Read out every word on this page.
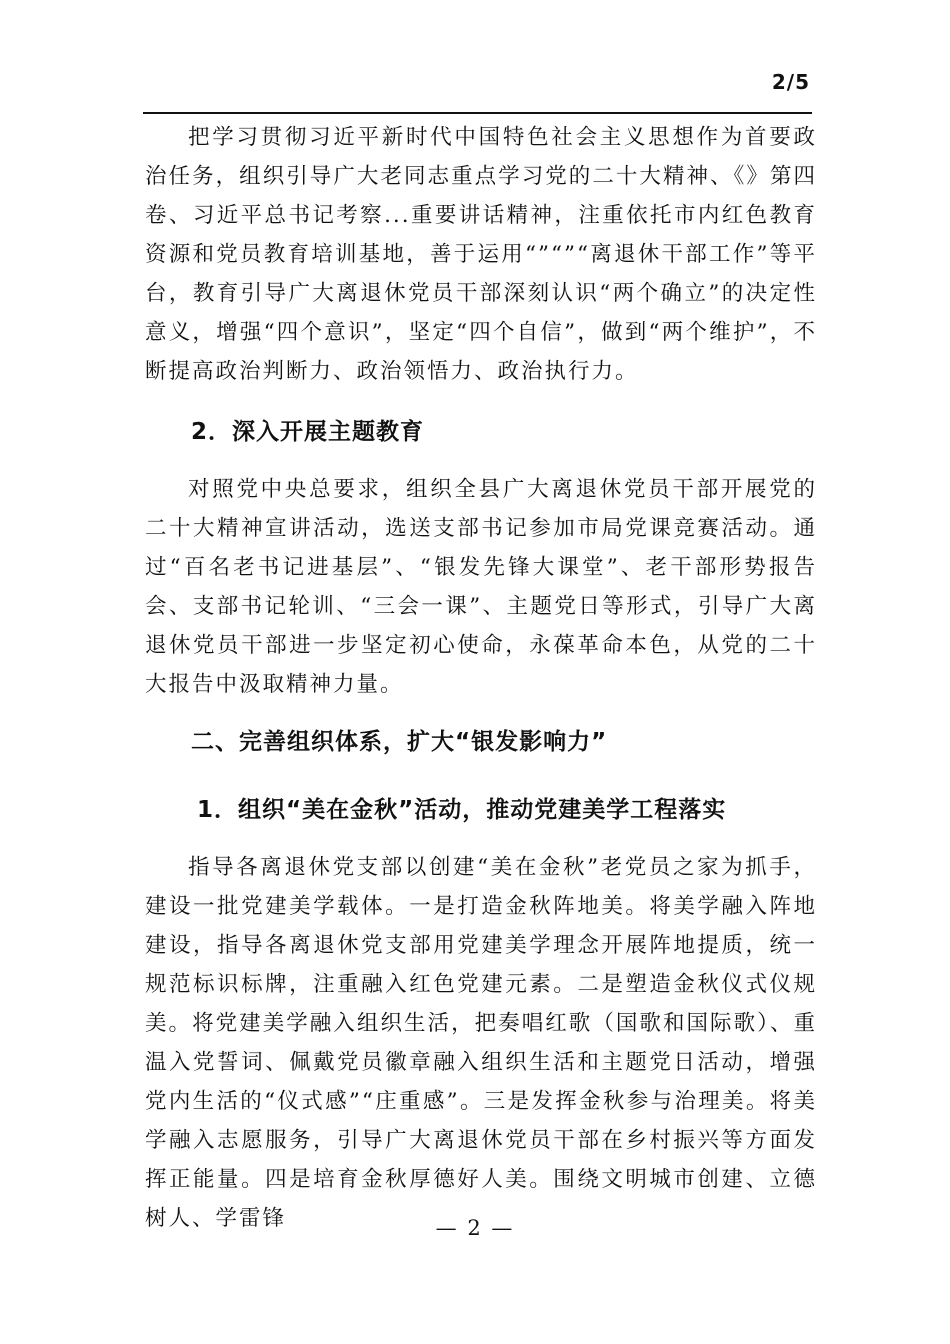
2/5

把学习贯彻习近平新时代中国特色社会主义思想作为首要政治任务，组织引导广大老同志重点学习党的二十大精神、《》第四卷、习近平总书记考察...重要讲话精神，注重依托市内红色教育资源和党员教育培训基地，善于运用“”“”“离退休干部工作”等平台，教育引导广大离退休党员干部深刻认识“两个确立”的决定性意义，增强“四个意识”，坚定“四个自信”，做到“两个维护”，不断提高政治判断力、政治领悟力、政治执行力。

2．深入开展主题教育

对照党中央总要求，组织全县广大离退休党员干部开展党的二十大精神宣讲活动，选送支部书记参加市局党课竞赛活动。通过“百名老书记进基层”、“银发先锋大课堂”、老干部形势报告会、支部书记轮训、“三会一课”、主题党日等形式，引导广大离退休党员干部进一步坚定初心使命，永葆革命本色，从党的二十大报告中汲取精神力量。

二、完善组织体系，扩大“银发影响力”
1．组织“美在金秋”活动，推动党建美学工程落实

指导各离退休党支部以创建“美在金秋”老党员之家为抓手，建设一批党建美学载体。一是打造金秋阵地美。将美学融入阵地建设，指导各离退休党支部用党建美学理念开展阵地提质，统一规范标识标牌，注重融入红色党建元素。二是塑造金秋仪式仪规美。将党建美学融入组织生活，把奏唱红歌（国歌和国际歌）、重温入党誓词、佩戴党员徽章融入组织生活和主题党日活动，增强党内生活的“仪式感”“庄重感”。三是发挥金秋参与治理美。将美学融入志愿服务，引导广大离退休党员干部在乡村振兴等方面发挥正能量。四是培育金秋厚德好人美。围绕文明城市创建、立德树人、学雷锋	— 2 —
